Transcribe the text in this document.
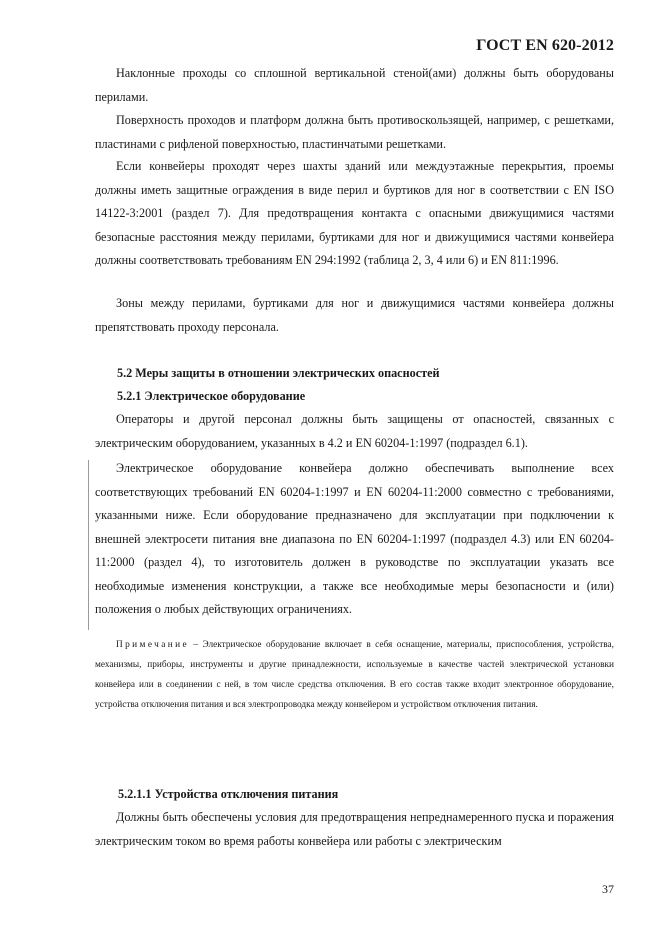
ГОСТ EN 620-2012

Наклонные проходы со сплошной вертикальной стеной(ами) должны быть оборудованы перилами.

Поверхность проходов и платформ должна быть противоскользящей, например, с решетками, пластинами с рифленой поверхностью, пластинчатыми решетками.

Если конвейеры проходят через шахты зданий или междуэтажные перекрытия, проемы должны иметь защитные ограждения в виде перил и буртиков для ног в соответствии с EN ISO 14122-3:2001 (раздел 7). Для предотвращения контакта с опасными движущимися частями безопасные расстояния между перилами, буртиками для ног и движущимися частями конвейера должны соответствовать требованиям EN 294:1992 (таблица 2, 3, 4 или 6) и EN 811:1996.

Зоны между перилами, буртиками для ног и движущимися частями конвейера должны препятствовать проходу персонала.

5.2 Меры защиты в отношении электрических опасностей
5.2.1 Электрическое оборудование

Операторы и другой персонал должны быть защищены от опасностей, связанных с электрическим оборудованием, указанных в 4.2 и EN 60204-1:1997 (подраздел 6.1).

Электрическое оборудование конвейера должно обеспечивать выполнение всех соответствующих требований EN 60204-1:1997 и EN 60204-11:2000 совместно с требованиями, указанными ниже. Если оборудование предназначено для эксплуатации при подключении к внешней электросети питания вне диапазона по EN 60204-1:1997 (подраздел 4.3) или EN 60204-11:2000 (раздел 4), то изготовитель должен в руководстве по эксплуатации указать все необходимые изменения конструкции, а также все необходимые меры безопасности и (или) положения о любых действующих ограничениях.

Примечание – Электрическое оборудование включает в себя оснащение, материалы, приспособления, устройства, механизмы, приборы, инструменты и другие принадлежности, используемые в качестве частей электрической установки конвейера или в соединении с ней, в том числе средства отключения. В его состав также входит электронное оборудование, устройства отключения питания и вся электропроводка между конвейером и устройством отключения питания.

5.2.1.1 Устройства отключения питания

Должны быть обеспечены условия для предотвращения непреднамеренного пуска и поражения электрическим током во время работы конвейера или работы с электрическим

37
